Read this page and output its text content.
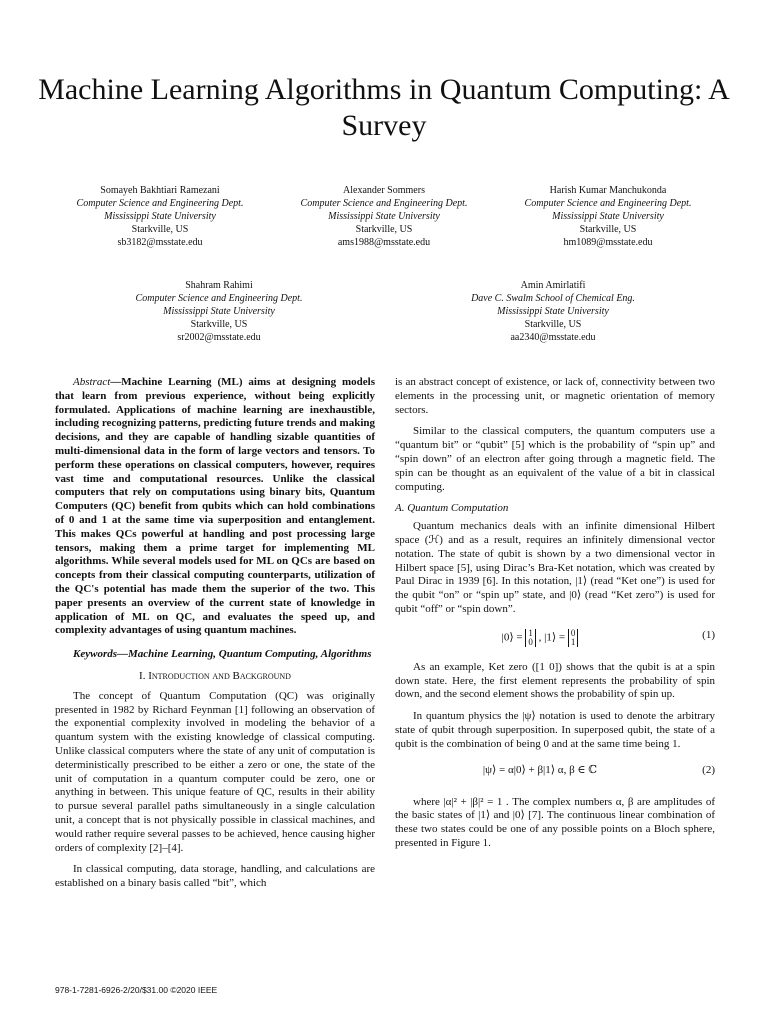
Machine Learning Algorithms in Quantum Computing: A Survey
Somayeh Bakhtiari Ramezani
Computer Science and Engineering Dept.
Mississippi State University
Starkville, US
sb3182@msstate.edu
Alexander Sommers
Computer Science and Engineering Dept.
Mississippi State University
Starkville, US
ams1988@msstate.edu
Harish Kumar Manchukonda
Computer Science and Engineering Dept.
Mississippi State University
Starkville, US
hm1089@msstate.edu
Shahram Rahimi
Computer Science and Engineering Dept.
Mississippi State University
Starkville, US
sr2002@msstate.edu
Amin Amirlatifi
Dave C. Swalm School of Chemical Eng.
Mississippi State University
Starkville, US
aa2340@msstate.edu

Abstract—Machine Learning (ML) aims at designing models that learn from previous experience, without being explicitly formulated. Applications of machine learning are inexhaustible, including recognizing patterns, predicting future trends and making decisions, and they are capable of handling sizable quantities of multi-dimensional data in the form of large vectors and tensors. To perform these operations on classical computers, however, requires vast time and computational resources. Unlike the classical computers that rely on computations using binary bits, Quantum Computers (QC) benefit from qubits which can hold combinations of 0 and 1 at the same time via superposition and entanglement. This makes QCs powerful at handling and post processing large tensors, making them a prime target for implementing ML algorithms. While several models used for ML on QCs are based on concepts from their classical computing counterparts, utilization of the QC's potential has made them the superior of the two. This paper presents an overview of the current state of knowledge in application of ML on QC, and evaluates the speed up, and complexity advantages of using quantum machines.

Keywords—Machine Learning, Quantum Computing, Algorithms

I. Introduction and Background

The concept of Quantum Computation (QC) was originally presented in 1982 by Richard Feynman [1] following an observation of the exponential complexity involved in modeling the behavior of a quantum system with the existing knowledge of classical computing. Unlike classical computers where the state of any unit of computation is deterministically prescribed to be either a zero or one, the state of the unit of computation in a quantum computer could be zero, one or anything in between. This unique feature of QC, results in their ability to pursue several parallel paths simultaneously in a single calculation unit, a concept that is not physically possible in classical machines, and would rather require several passes to be achieved, hence causing higher orders of complexity [2]–[4].

In classical computing, data storage, handling, and calculations are established on a binary basis called “bit”, which

is an abstract concept of existence, or lack of, connectivity between two elements in the processing unit, or magnetic orientation of memory sectors.

Similar to the classical computers, the quantum computers use a “quantum bit” or “qubit” [5] which is the probability of “spin up” and “spin down” of an electron after going through a magnetic field. The spin can be thought as an equivalent of the value of a bit in classical computing.

A. Quantum Computation

Quantum mechanics deals with an infinite dimensional Hilbert space (ℋ) and as a result, requires an infinitely dimensional vector notation. The state of qubit is shown by a two dimensional vector in Hilbert space [5], using Dirac’s Bra-Ket notation, which was created by Paul Dirac in 1939 [6]. In this notation, |1⟩ (read “Ket one”) is used for the qubit “on” or “spin up” state, and |0⟩ (read “Ket zero”) is used for qubit “off” or “spin down”.

|0⟩ = 1
0 , |1⟩ = 0
1
(1)

As an example, Ket zero ([1 0]) shows that the qubit is at a spin down state. Here, the first element represents the probability of spin down, and the second element shows the probability of spin up.

In quantum physics the |ψ⟩ notation is used to denote the arbitrary state of qubit through superposition. In superposed qubit, the state of a qubit is the combination of being 0 and at the same time being 1.

|ψ⟩ = α|0⟩ + β|1⟩ α, β ∈ ℂ	(2)

where |α|² + |β|² = 1 . The complex numbers α, β are amplitudes of the basic states of |1⟩ and |0⟩ [7]. The continuous linear combination of these two states could be one of any possible points on a Bloch sphere, presented in Figure 1.

978-1-7281-6926-2/20/$31.00 ©2020 IEEE
